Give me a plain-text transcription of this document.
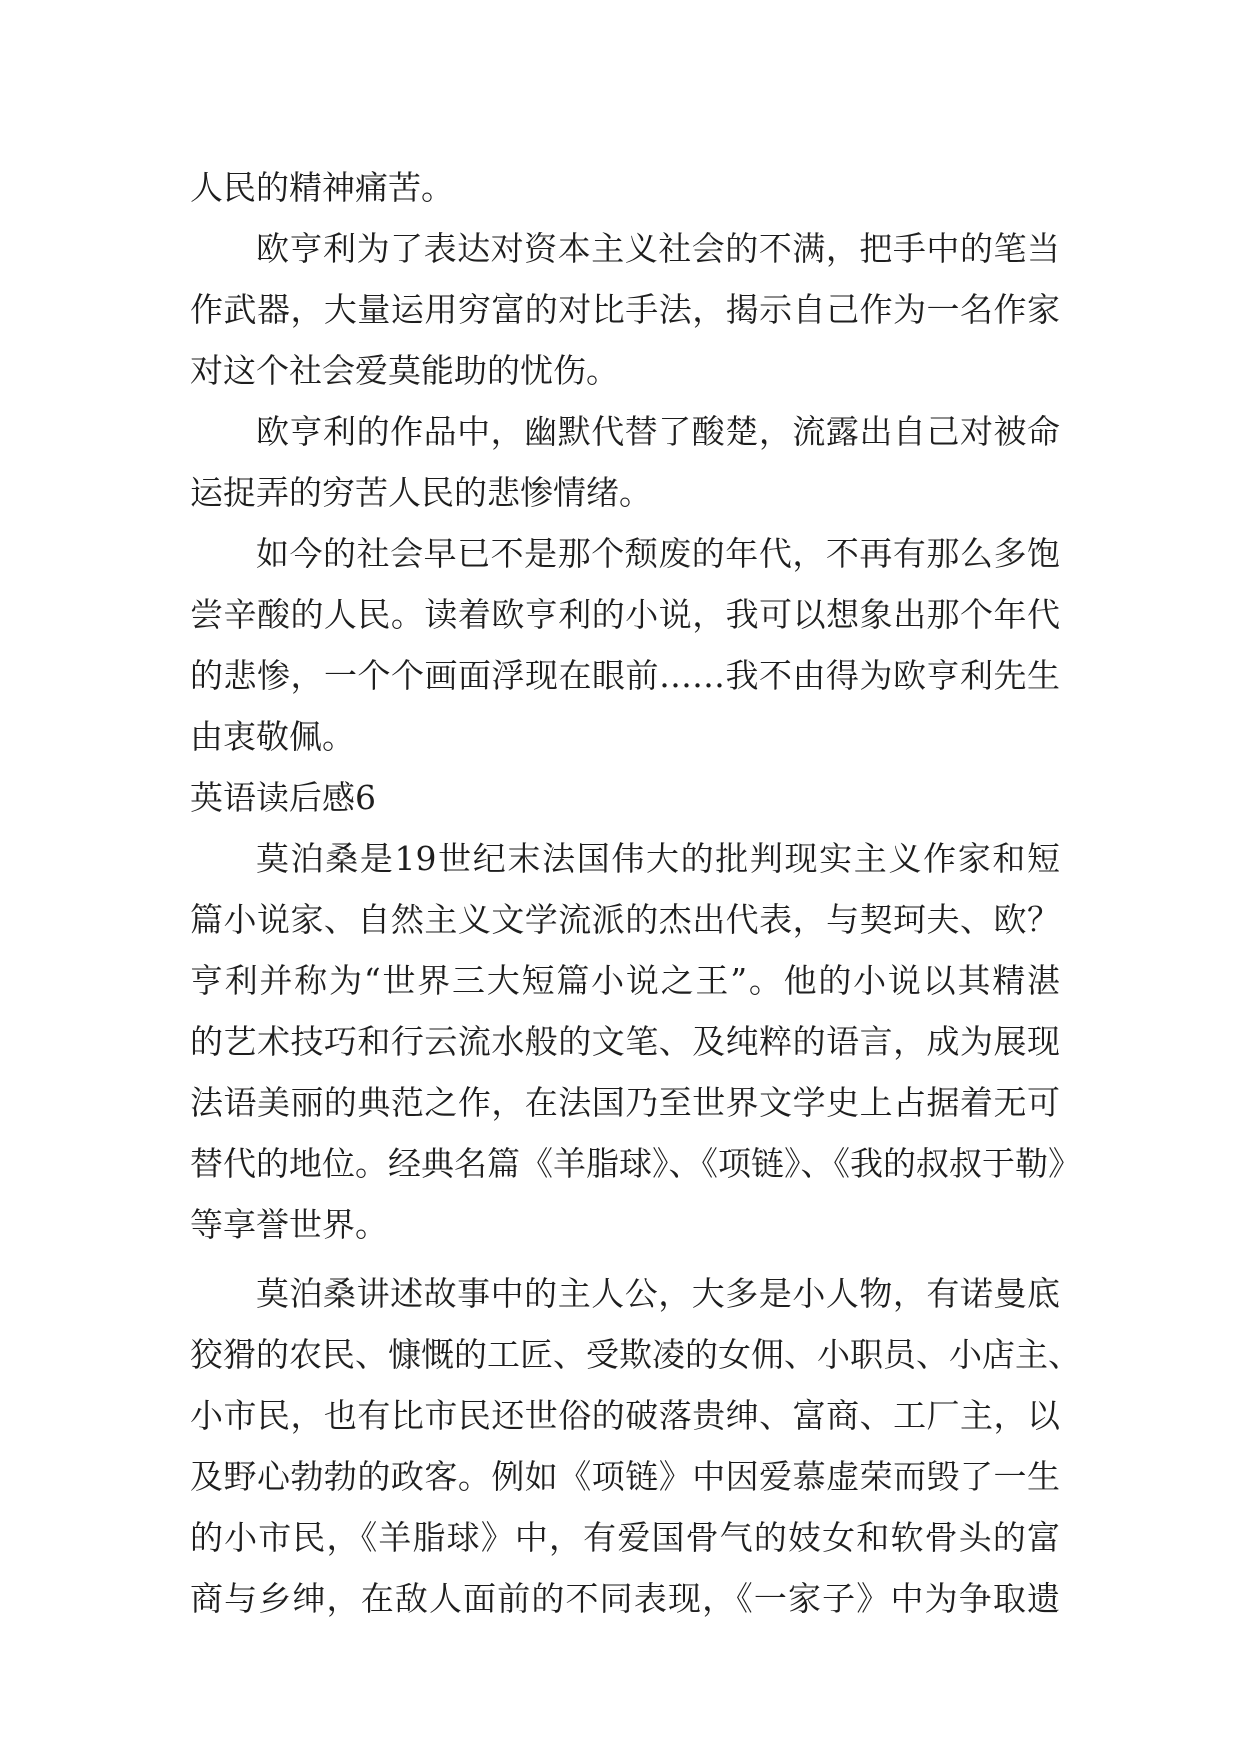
人民的精神痛苦。
欧亨利为了表达对资本主义社会的不满，把手中的笔当
作武器，大量运用穷富的对比手法，揭示自己作为一名作家
对这个社会爱莫能助的忧伤。
欧亨利的作品中，幽默代替了酸楚，流露出自己对被命
运捉弄的穷苦人民的悲惨情绪。
如今的社会早已不是那个颓废的年代，不再有那么多饱
尝辛酸的人民。读着欧亨利的小说，我可以想象出那个年代
的悲惨，一个个画面浮现在眼前……我不由得为欧亨利先生
由衷敬佩。
英语读后感6
莫泊桑是19世纪末法国伟大的批判现实主义作家和短
篇小说家、自然主义文学流派的杰出代表，与契珂夫、欧？
亨利并称为“世界三大短篇小说之王”。他的小说以其精湛
的艺术技巧和行云流水般的文笔、及纯粹的语言，成为展现
法语美丽的典范之作，在法国乃至世界文学史上占据着无可
替代的地位。经典名篇《羊脂球》、《项链》、《我的叔叔于勒》
等享誉世界。
莫泊桑讲述故事中的主人公，大多是小人物，有诺曼底
狡猾的农民、慷慨的工匠、受欺凌的女佣、小职员、小店主、
小市民，也有比市民还世俗的破落贵绅、富商、工厂主，以
及野心勃勃的政客。例如《项链》中因爱慕虚荣而毁了一生
的小市民，《羊脂球》中，有爱国骨气的妓女和软骨头的富
商与乡绅，在敌人面前的不同表现，《一家子》中为争取遗
